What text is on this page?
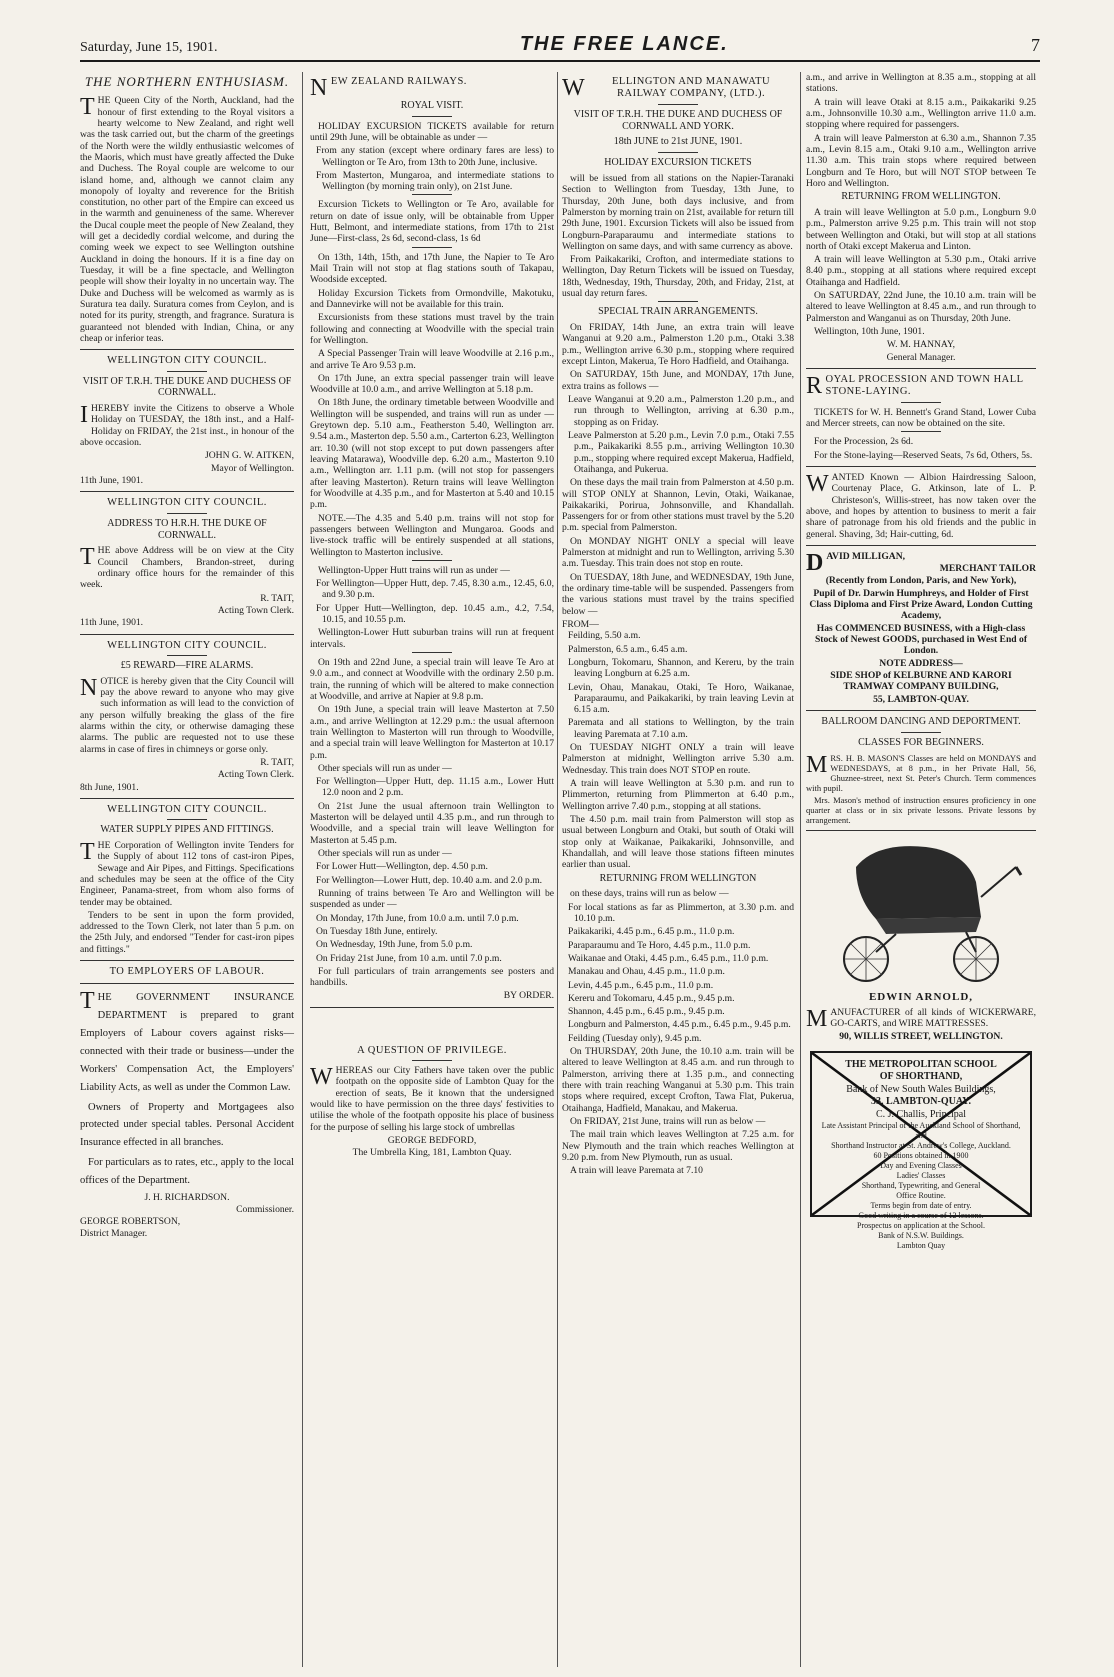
Saturday, June 15, 1901.	THE FREE LANCE.	7
THE NORTHERN ENTHUSIASM.

THE Queen City of the North, Auckland, had the honour of first extending to the Royal visitors a hearty welcome to New Zealand, and right well was the task carried out, but the charm of the greetings of the North were the wildly enthusiastic welcomes of the Maoris, which must have greatly affected the Duke and Duchess. The Royal couple are welcome to our island home, and, although we cannot claim any monopoly of loyalty and reverence for the British constitution, no other part of the Empire can exceed us in the warmth and genuineness of the same. Wherever the Ducal couple meet the people of New Zealand, they will get a decidedly cordial welcome, and during the coming week we expect to see Wellington outshine Auckland in doing the honours. If it is a fine day on Tuesday, it will be a fine spectacle, and Wellington people will show their loyalty in no uncertain way. The Duke and Duchess will be welcomed as warmly as is Suratura tea daily. Suratura comes from Ceylon, and is noted for its purity, strength, and fragrance. Suratura is guaranteed not blended with Indian, China, or any cheap or inferior teas.

WELLINGTON CITY COUNCIL.
VISIT OF T.R.H. THE DUKE AND DUCHESS OF CORNWALL.

IHEREBY invite the Citizens to observe a Whole Holiday on TUESDAY, the 18th inst., and a Half-Holiday on FRIDAY, the 21st inst., in honour of the above occasion.

JOHN G. W. AITKEN,
Mayor of Wellington.
11th June, 1901.
WELLINGTON CITY COUNCIL.
ADDRESS TO H.R.H. THE DUKE OF CORNWALL.

THE above Address will be on view at the City Council Chambers, Brandon-street, during ordinary office hours for the remainder of this week.

R. TAIT,
Acting Town Clerk.
11th June, 1901.
WELLINGTON CITY COUNCIL.
£5 REWARD—FIRE ALARMS.

NOTICE is hereby given that the City Council will pay the above reward to anyone who may give such information as will lead to the conviction of any person wilfully breaking the glass of the fire alarms within the city, or otherwise damaging these alarms. The public are requested not to use these alarms in case of fires in chimneys or gorse only.

R. TAIT,
Acting Town Clerk.
8th June, 1901.
WELLINGTON CITY COUNCIL.
WATER SUPPLY PIPES AND FITTINGS.

THE Corporation of Wellington invite Tenders for the Supply of about 112 tons of cast-iron Pipes, Sewage and Air Pipes, and Fittings. Specifications and schedules may be seen at the office of the City Engineer, Panama-street, from whom also forms of tender may be obtained.

Tenders to be sent in upon the form provided, addressed to the Town Clerk, not later than 5 p.m. on the 25th July, and endorsed "Tender for cast-iron pipes and fittings."

TO EMPLOYERS OF LABOUR.

THE GOVERNMENT INSURANCE DEPARTMENT is prepared to grant Employers of Labour covers against risks—connected with their trade or business—under the Workers' Compensation Act, the Employers' Liability Acts, as well as under the Common Law.

Owners of Property and Mortgagees also protected under special tables. Personal Accident Insurance effected in all branches.

For particulars as to rates, etc., apply to the local offices of the Department.

J. H. RICHARDSON.
Commissioner.
GEORGE ROBERTSON,
District Manager.
NEW ZEALAND RAILWAYS.
ROYAL VISIT.

HOLIDAY EXCURSION TICKETS available for return until 29th June, will be obtainable as under —

From any station (except where ordinary fares are less) to Wellington or Te Aro, from 13th to 20th June, inclusive.
From Masterton, Mungaroa, and intermediate stations to Wellington (by morning train only), on 21st June.

Excursion Tickets to Wellington or Te Aro, available for return on date of issue only, will be obtainable from Upper Hutt, Belmont, and intermediate stations, from 17th to 21st June—First-class, 2s 6d, second-class, 1s 6d

On 13th, 14th, 15th, and 17th June, the Napier to Te Aro Mail Train will not stop at flag stations south of Takapau, Woodside excepted.

Holiday Excursion Tickets from Ormondville, Makotuku, and Dannevirke will not be available for this train.

Excursionists from these stations must travel by the train following and connecting at Woodville with the special train for Wellington.

A Special Passenger Train will leave Woodville at 2.16 p.m., and arrive Te Aro 9.53 p.m.

On 17th June, an extra special passenger train will leave Woodville at 10.0 a.m., and arrive Wellington at 5.18 p.m.

On 18th June, the ordinary timetable between Woodville and Wellington will be suspended, and trains will run as under —Greytown dep. 5.10 a.m., Featherston 5.40, Wellington arr. 9.54 a.m., Masterton dep. 5.50 a.m., Carterton 6.23, Wellington arr. 10.30 (will not stop except to put down passengers after leaving Matarawa), Woodville dep. 6.20 a.m., Masterton 9.10 a.m., Wellington arr. 1.11 p.m. (will not stop for passengers after leaving Masterton). Return trains will leave Wellington for Woodville at 4.35 p.m., and for Masterton at 5.40 and 10.15 p.m.

NOTE.—The 4.35 and 5.40 p.m. trains will not stop for passengers between Wellington and Mungaroa. Goods and live-stock traffic will be entirely suspended at all stations, Wellington to Masterton inclusive.

Wellington-Upper Hutt trains will run as under —

For Wellington—Upper Hutt, dep. 7.45, 8.30 a.m., 12.45, 6.0, and 9.30 p.m.
For Upper Hutt—Wellington, dep. 10.45 a.m., 4.2, 7.54, 10.15, and 10.55 p.m.

Wellington-Lower Hutt suburban trains will run at frequent intervals.

On 19th and 22nd June, a special train will leave Te Aro at 9.0 a.m., and connect at Woodville with the ordinary 2.50 p.m. train, the running of which will be altered to make connection at Woodville, and arrive at Napier at 9.8 p.m.

On 19th June, a special train will leave Masterton at 7.50 a.m., and arrive Wellington at 12.29 p.m.: the usual afternoon train Wellington to Masterton will run through to Woodville, and a special train will leave Wellington for Masterton at 10.17 p.m.

Other specials will run as under —

For Wellington—Upper Hutt, dep. 11.15 a.m., Lower Hutt 12.0 noon and 2 p.m.

On 21st June the usual afternoon train Wellington to Masterton will be delayed until 4.35 p.m., and run through to Woodville, and a special train will leave Wellington for Masterton at 5.45 p.m.

Other specials will run as under —

For Lower Hutt—Wellington, dep. 4.50 p.m.
For Wellington—Lower Hutt, dep. 10.40 a.m. and 2.0 p.m.

Running of trains between Te Aro and Wellington will be suspended as under —

On Monday, 17th June, from 10.0 a.m. until 7.0 p.m.
On Tuesday 18th June, entirely.
On Wednesday, 19th June, from 5.0 p.m.
On Friday 21st June, from 10 a.m. until 7.0 p.m.

For full particulars of train arrangements see posters and handbills.

BY ORDER.
A QUESTION OF PRIVILEGE.

WHEREAS our City Fathers have taken over the public footpath on the opposite side of Lambton Quay for the erection of seats, Be it known that the undersigned would like to have permission on the three days' festivities to utilise the whole of the footpath opposite his place of business for the purpose of selling his large stock of umbrellas

GEORGE BEDFORD,
The Umbrella King, 181, Lambton Quay.
W	ELLINGTON AND MANAWATU RAILWAY COMPANY, (LTD.).
VISIT OF T.R.H. THE DUKE AND DUCHESS OF CORNWALL AND YORK.
18th JUNE to 21st JUNE, 1901.
HOLIDAY EXCURSION TICKETS

will be issued from all stations on the Napier-Taranaki Section to Wellington from Tuesday, 13th June, to Thursday, 20th June, both days inclusive, and from Palmerston by morning train on 21st, available for return till 29th June, 1901. Excursion Tickets will also be issued from Longburn-Paraparaumu and intermediate stations to Wellington on same days, and with same currency as above.

From Paikakariki, Crofton, and intermediate stations to Wellington, Day Return Tickets will be issued on Tuesday, 18th, Wednesday, 19th, Thursday, 20th, and Friday, 21st, at usual day return fares.

SPECIAL TRAIN ARRANGEMENTS.

On FRIDAY, 14th June, an extra train will leave Wanganui at 9.20 a.m., Palmerston 1.20 p.m., Otaki 3.38 p.m., Wellington arrive 6.30 p.m., stopping where required except Linton, Makerua, Te Horo Hadfield, and Otaihanga.

On SATURDAY, 15th June, and MONDAY, 17th June, extra trains as follows —

Leave Wanganui at 9.20 a.m., Palmerston 1.20 p.m., and run through to Wellington, arriving at 6.30 p.m., stopping as on Friday.
Leave Palmerston at 5.20 p.m., Levin 7.0 p.m., Otaki 7.55 p.m., Paikakariki 8.55 p.m., arriving Wellington 10.30 p.m., stopping where required except Makerua, Hadfield, Otaihanga, and Pukerua.

On these days the mail train from Palmerston at 4.50 p.m. will STOP ONLY at Shannon, Levin, Otaki, Waikanae, Paikakariki, Porirua, Johnsonville, and Khandallah. Passengers for or from other stations must travel by the 5.20 p.m. special from Palmerston.

On MONDAY NIGHT ONLY a special will leave Palmerston at midnight and run to Wellington, arriving 5.30 a.m. Tuesday. This train does not stop en route.

On TUESDAY, 18th June, and WEDNESDAY, 19th June, the ordinary time-table will be suspended. Passengers from the various stations must travel by the trains specified below —

FROM—
Feilding, 5.50 a.m.
Palmerston, 6.5 a.m., 6.45 a.m.
Longburn, Tokomaru, Shannon, and Kereru, by the train leaving Longburn at 6.25 a.m.
Levin, Ohau, Manakau, Otaki, Te Horo, Waikanae, Paraparaumu, and Paikakariki, by train leaving Levin at 6.15 a.m.
Paremata and all stations to Wellington, by the train leaving Paremata at 7.10 a.m.

On TUESDAY NIGHT ONLY a train will leave Palmerston at midnight, Wellington arrive 5.30 a.m. Wednesday. This train does NOT STOP en route.

A train will leave Wellington at 5.30 p.m. and run to Plimmerton, returning from Plimmerton at 6.40 p.m., Wellington arrive 7.40 p.m., stopping at all stations.

The 4.50 p.m. mail train from Palmerston will stop as usual between Longburn and Otaki, but south of Otaki will stop only at Waikanae, Paikakariki, Johnsonville, and Khandallah, and will leave those stations fifteen minutes earlier than usual.

RETURNING FROM WELLINGTON

on these days, trains will run as below —

For local stations as far as Plimmerton, at 3.30 p.m. and 10.10 p.m.
Paikakariki, 4.45 p.m., 6.45 p.m., 11.0 p.m.
Paraparaumu and Te Horo, 4.45 p.m., 11.0 p.m.
Waikanae and Otaki, 4.45 p.m., 6.45 p.m., 11.0 p.m.
Manakau and Ohau, 4.45 p.m., 11.0 p.m.
Levin, 4.45 p.m., 6.45 p.m., 11.0 p.m.
Kereru and Tokomaru, 4.45 p.m., 9.45 p.m.
Shannon, 4.45 p.m., 6.45 p.m., 9.45 p.m.
Longburn and Palmerston, 4.45 p.m., 6.45 p.m., 9.45 p.m.
Feilding (Tuesday only), 9.45 p.m.

On THURSDAY, 20th June, the 10.10 a.m. train will be altered to leave Wellington at 8.45 a.m. and run through to Palmerston, arriving there at 1.35 p.m., and connecting there with train reaching Wanganui at 5.30 p.m. This train stops where required, except Crofton, Tawa Flat, Pukerua, Otaihanga, Hadfield, Manakau, and Makerua.

On FRIDAY, 21st June, trains will run as below —

The mail train which leaves Wellington at 7.25 a.m. for New Plymouth and the train which reaches Wellington at 9.20 p.m. from New Plymouth, run as usual.

A train will leave Paremata at 7.10

a.m., and arrive in Wellington at 8.35 a.m., stopping at all stations.

A train will leave Otaki at 8.15 a.m., Paikakariki 9.25 a.m., Johnsonville 10.30 a.m., Wellington arrive 11.0 a.m. stopping where required for passengers.

A train will leave Palmerston at 6.30 a.m., Shannon 7.35 a.m., Levin 8.15 a.m., Otaki 9.10 a.m., Wellington arrive 11.30 a.m. This train stops where required between Longburn and Te Horo, but will NOT STOP between Te Horo and Wellington.

RETURNING FROM WELLINGTON.

A train will leave Wellington at 5.0 p.m., Longburn 9.0 p.m., Palmerston arrive 9.25 p.m. This train will not stop between Wellington and Otaki, but will stop at all stations north of Otaki except Makerua and Linton.

A train will leave Wellington at 5.30 p.m., Otaki arrive 8.40 p.m., stopping at all stations where required except Otaihanga and Hadfield.

On SATURDAY, 22nd June, the 10.10 a.m. train will be altered to leave Wellington at 8.45 a.m., and run through to Palmerston and Wanganui as on Thursday, 20th June.

Wellington, 10th June, 1901.

W. M. HANNAY,
General Manager.
ROYAL PROCESSION AND TOWN HALL STONE-LAYING.

TICKETS for W. H. Bennett's Grand Stand, Lower Cuba and Mercer streets, can now be obtained on the site.

For the Procession, 2s 6d.

For the Stone-laying—Reserved Seats, 7s 6d, Others, 5s.

WANTED Known — Albion Hairdressing Saloon, Courtenay Place, G. Atkinson, late of L. P. Christeson's, Willis-street, has now taken over the above, and hopes by attention to business to merit a fair share of patronage from his old friends and the public in general. Shaving, 3d; Hair-cutting, 6d.

DAVID MILLIGAN,
MERCHANT TAILOR
(Recently from London, Paris, and New York),
Pupil of Dr. Darwin Humphreys, and Holder of First Class Diploma and First Prize Award, London Cutting Academy,
Has COMMENCED BUSINESS, with a High-class Stock of Newest GOODS, purchased in West End of London.
NOTE ADDRESS—
SIDE SHOP of KELBURNE AND KARORI TRAMWAY COMPANY BUILDING,
55, LAMBTON-QUAY.
BALLROOM DANCING AND DEPORTMENT.
CLASSES FOR BEGINNERS.

MRS. H. B. MASON'S Classes are held on MONDAYS and WEDNESDAYS, at 8 p.m., in her Private Hall, 56, Ghuznee-street, next St. Peter's Church. Term commences with pupil.

Mrs. Mason's method of instruction ensures proficiency in one quarter at class or in six private lessons. Private lessons by arrangement.

EDWIN ARNOLD,

MANUFACTURER of all kinds of WICKERWARE, GO-CARTS, and WIRE MATTRESSES.

90, WILLIS STREET, WELLINGTON.
THE METROPOLITAN SCHOOL
OF SHORTHAND,
Bank of New South Wales Buildings,
33, LAMBTON-QUAY.
C. J. Challis, Principal
Late Assistant Principal of the Auckland School of Shorthand, and
Shorthand Instructor at St. Andrew's College, Auckland.
60 Positions obtained in 1900
Day and Evening Classes
Ladies' Classes
Shorthand, Typewriting, and General
Office Routine.
Terms begin from date of entry.
Good writing in a course of 12 lessons.
Prospectus on application at the School.
Bank of N.S.W. Buildings.
Lambton Quay
